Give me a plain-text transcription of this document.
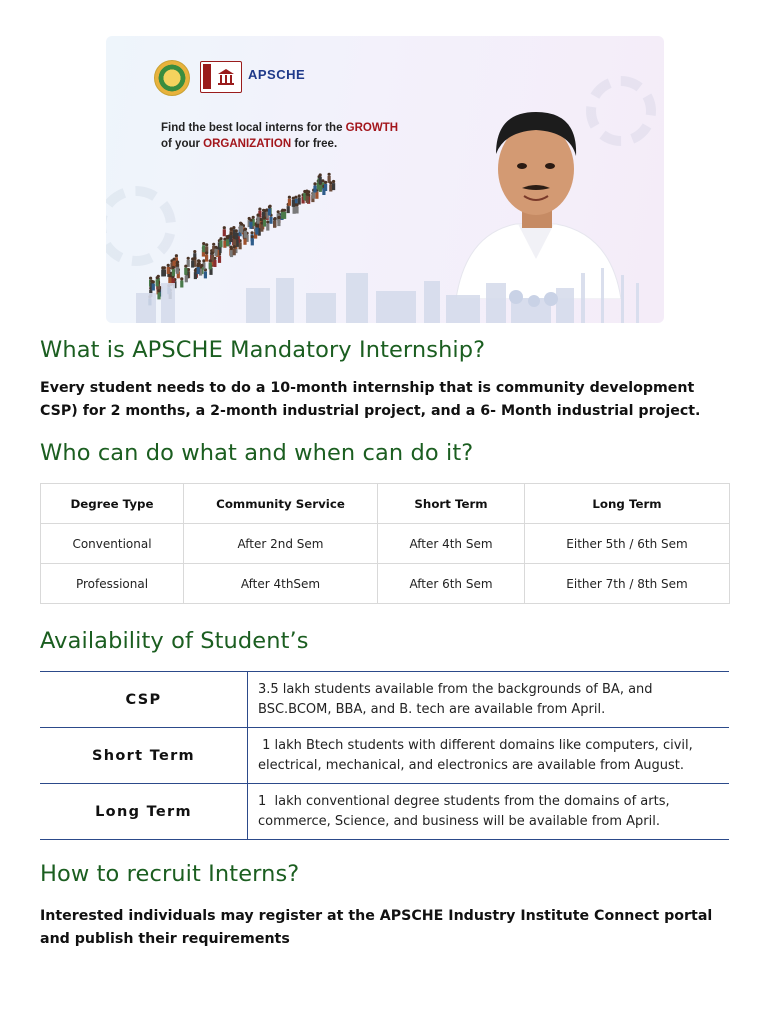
APSCHE
Find the best local interns for the GROWTH
of your ORGANIZATION for free.
What is APSCHE Mandatory Internship?
Every student needs to do a 10-month internship that is community development
CSP) for 2 months, a 2-month industrial project, and a 6- Month industrial project.
Who can do what and when can do it?
Degree Type	Community Service	Short Term	Long Term
Conventional	After 2nd Sem	After 4th Sem	Either 5th / 6th Sem
Professional	After 4thSem	After 6th Sem	Either 7th / 8th Sem
Availability of Student’s
CSP	3.5 lakh students available from the backgrounds of BA, and
BSC.BCOM, BBA, and B. tech are available from April.

Short Term	1 lakh Btech students with different domains like computers, civil,
electrical, mechanical, and electronics are available from August.

Long Term	1  lakh conventional degree students from the domains of arts,
commerce, Science, and business will be available from April.
How to recruit Interns?
Interested individuals may register at the APSCHE Industry Institute Connect portal
and publish their requirements
